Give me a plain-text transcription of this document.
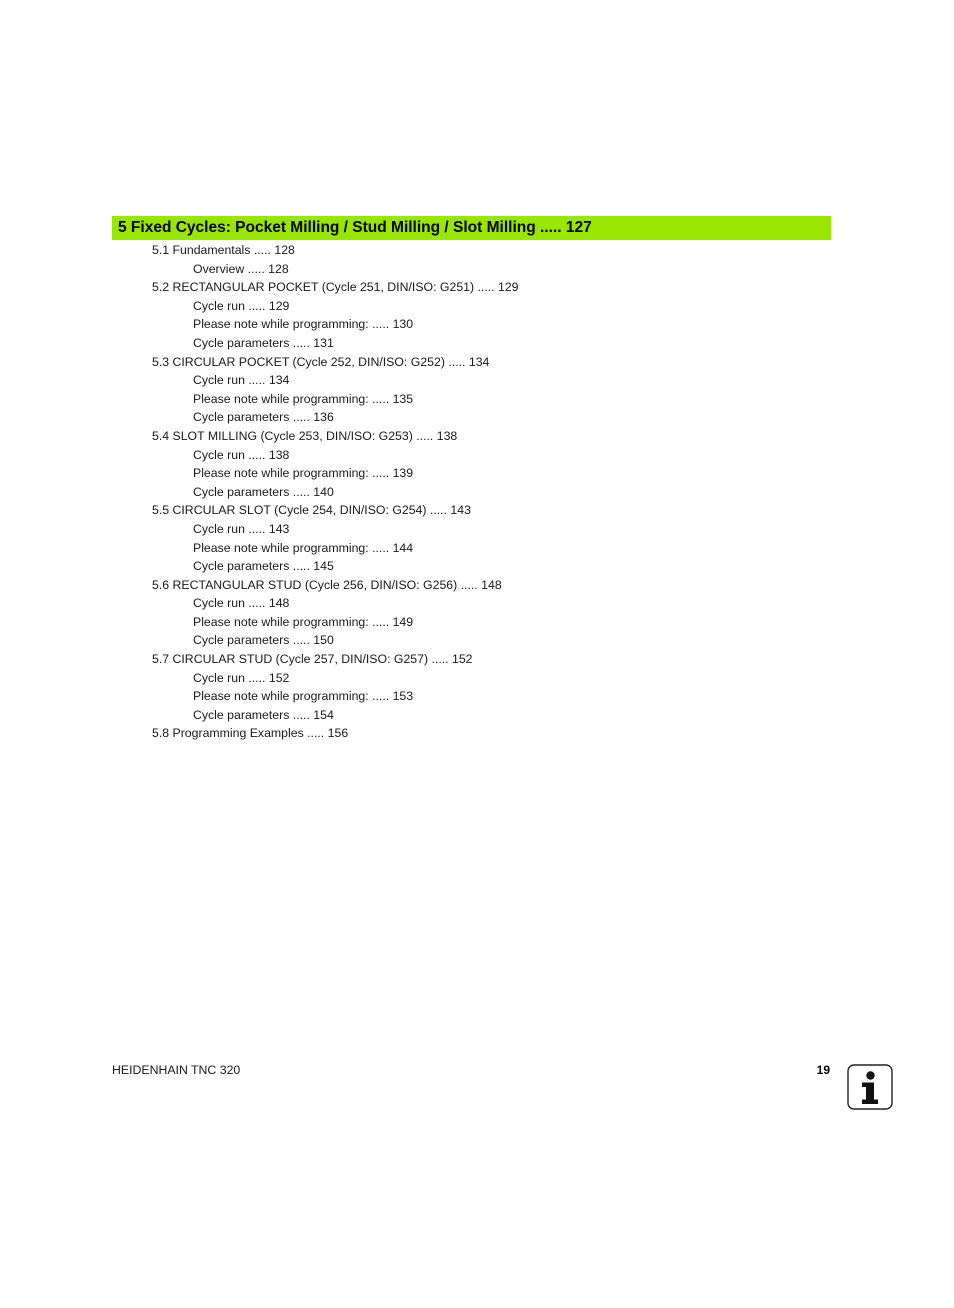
5 Fixed Cycles: Pocket Milling / Stud Milling / Slot Milling ..... 127
5.1 Fundamentals ..... 128
Overview ..... 128
5.2 RECTANGULAR POCKET (Cycle 251, DIN/ISO: G251) ..... 129
Cycle run ..... 129
Please note while programming: ..... 130
Cycle parameters ..... 131
5.3 CIRCULAR POCKET (Cycle 252, DIN/ISO: G252) ..... 134
Cycle run ..... 134
Please note while programming: ..... 135
Cycle parameters ..... 136
5.4 SLOT MILLING (Cycle 253, DIN/ISO: G253) ..... 138
Cycle run ..... 138
Please note while programming: ..... 139
Cycle parameters ..... 140
5.5 CIRCULAR SLOT (Cycle 254, DIN/ISO: G254) ..... 143
Cycle run ..... 143
Please note while programming: ..... 144
Cycle parameters ..... 145
5.6 RECTANGULAR STUD (Cycle 256, DIN/ISO: G256) ..... 148
Cycle run ..... 148
Please note while programming: ..... 149
Cycle parameters ..... 150
5.7 CIRCULAR STUD (Cycle 257, DIN/ISO: G257) ..... 152
Cycle run ..... 152
Please note while programming: ..... 153
Cycle parameters ..... 154
5.8 Programming Examples ..... 156
HEIDENHAIN TNC 320	19
